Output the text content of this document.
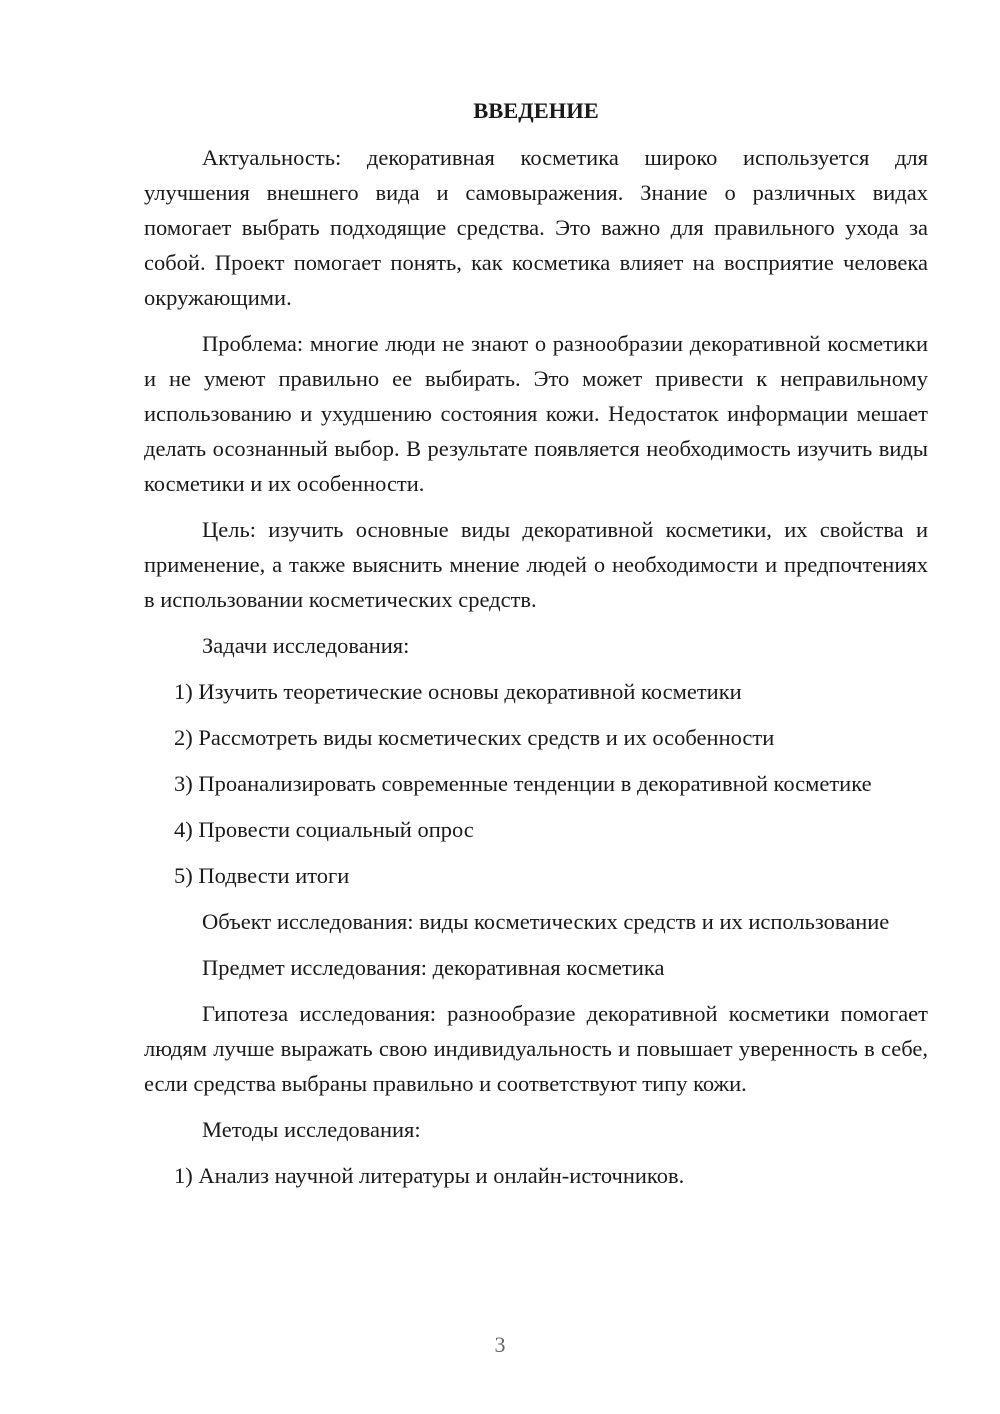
ВВЕДЕНИЕ

Актуальность: декоративная косметика широко используется для улучшения внешнего вида и самовыражения. Знание о различных видах помогает выбрать подходящие средства. Это важно для правильного ухода за собой. Проект помогает понять, как косметика влияет на восприятие человека окружающими.

Проблема: многие люди не знают о разнообразии декоративной косметики и не умеют правильно ее выбирать. Это может привести к неправильному использованию и ухудшению состояния кожи. Недостаток информации мешает делать осознанный выбор. В результате появляется необходимость изучить виды косметики и их особенности.

Цель: изучить основные виды декоративной косметики, их свойства и применение, а также выяснить мнение людей о необходимости и предпочтениях в использовании косметических средств.

Задачи исследования:

1) Изучить теоретические основы декоративной косметики

2) Рассмотреть виды косметических средств и их особенности

3) Проанализировать современные тенденции в декоративной косметике

4) Провести социальный опрос

5) Подвести итоги

Объект исследования: виды косметических средств и их использование

Предмет исследования: декоративная косметика

Гипотеза исследования: разнообразие декоративной косметики помогает людям лучше выражать свою индивидуальность и повышает уверенность в себе, если средства выбраны правильно и соответствуют типу кожи.

Методы исследования:

1) Анализ научной литературы и онлайн-источников.

3
